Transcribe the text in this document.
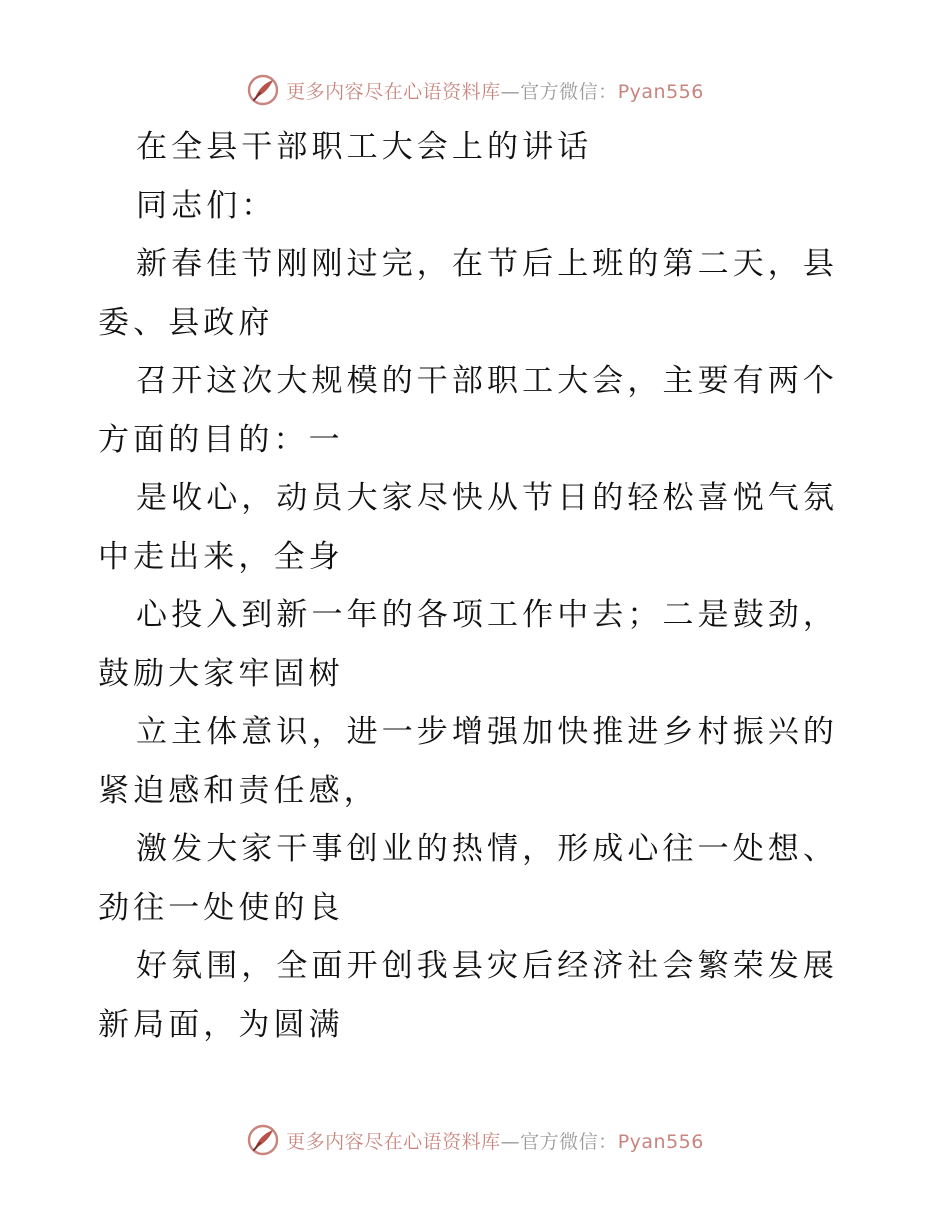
更多内容尽在心语资料库—官方微信：Pyan556

在全县干部职工大会上的讲话

同志们：

新春佳节刚刚过完，在节后上班的第二天，县委、县政府

召开这次大规模的干部职工大会，主要有两个方面的目的：一

是收心，动员大家尽快从节日的轻松喜悦气氛中走出来，全身

心投入到新一年的各项工作中去；二是鼓劲，鼓励大家牢固树

立主体意识，进一步增强加快推进乡村振兴的紧迫感和责任感，

激发大家干事创业的热情，形成心往一处想、劲往一处使的良

好氛围，全面开创我县灾后经济社会繁荣发展新局面，为圆满

更多内容尽在心语资料库—官方微信：Pyan556
